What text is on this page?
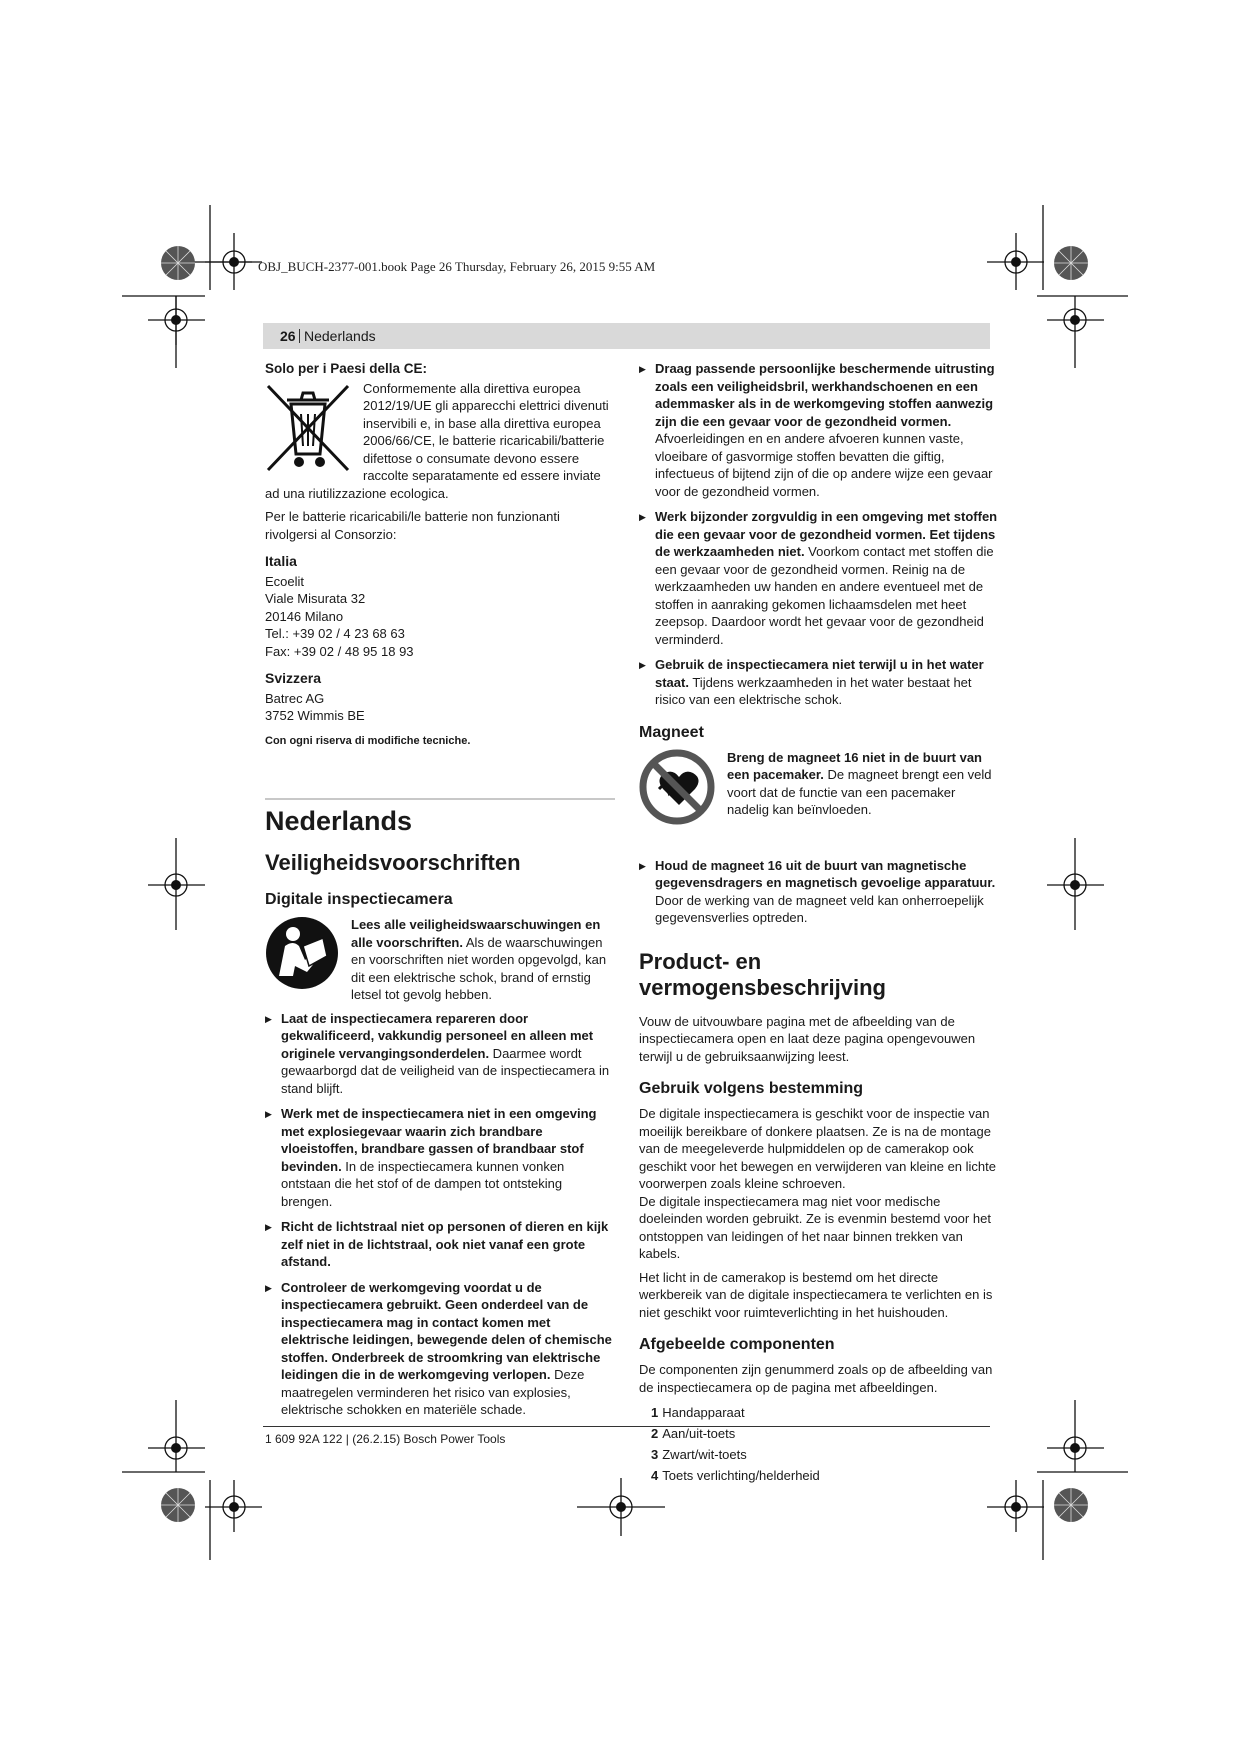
OBJ_BUCH-2377-001.book Page 26 Thursday, February 26, 2015 9:55 AM
26 Nederlands
Solo per i Paesi della CE:

Conformemente alla direttiva europea 2012/19/UE gli apparecchi elettrici divenuti inservibili e, in base alla direttiva europea 2006/66/CE, le batterie ricaricabili/batterie difettose o consumate devono essere raccolte separatamente ed essere inviate ad una riutilizzazione ecologica.

Per le batterie ricaricabili/le batterie non funzionanti rivolgersi al Consorzio:

Italia
Ecoelit
Viale Misurata 32
20146 Milano
Tel.: +39 02 / 4 23 68 63
Fax: +39 02 / 48 95 18 93
Svizzera
Batrec AG
3752 Wimmis BE
Con ogni riserva di modifiche tecniche.
Nederlands
Veiligheidsvoorschriften
Digitale inspectiecamera
Lees alle veiligheidswaarschuwingen en alle voorschriften. Als de waarschuwingen en voorschriften niet worden opgevolgd, kan dit een elektrische schok, brand of ernstig letsel tot gevolg hebben.
▶ Laat de inspectiecamera repareren door gekwalificeerd, vakkundig personeel en alleen met originele vervangingsonderdelen. Daarmee wordt gewaarborgd dat de veiligheid van de inspectiecamera in stand blijft.
▶ Werk met de inspectiecamera niet in een omgeving met explosiegevaar waarin zich brandbare vloeistoffen, brandbare gassen of brandbaar stof bevinden. In de inspectiecamera kunnen vonken ontstaan die het stof of de dampen tot ontsteking brengen.
▶ Richt de lichtstraal niet op personen of dieren en kijk zelf niet in de lichtstraal, ook niet vanaf een grote afstand.
▶ Controleer de werkomgeving voordat u de inspectiecamera gebruikt. Geen onderdeel van de inspectiecamera mag in contact komen met elektrische leidingen, bewegende delen of chemische stoffen. Onderbreek de stroomkring van elektrische leidingen die in de werkomgeving verlopen. Deze maatregelen verminderen het risico van explosies, elektrische schokken en materiële schade.
▶ Draag passende persoonlijke beschermende uitrusting zoals een veiligheidsbril, werkhandschoenen en een ademmasker als in de werkomgeving stoffen aanwezig zijn die een gevaar voor de gezondheid vormen. Afvoerleidingen en en andere afvoeren kunnen vaste, vloeibare of gasvormige stoffen bevatten die giftig, infectueus of bijtend zijn of die op andere wijze een gevaar voor de gezondheid vormen.
▶ Werk bijzonder zorgvuldig in een omgeving met stoffen die een gevaar voor de gezondheid vormen. Eet tijdens de werkzaamheden niet. Voorkom contact met stoffen die een gevaar voor de gezondheid vormen. Reinig na de werkzaamheden uw handen en andere eventueel met de stoffen in aanraking gekomen lichaamsdelen met heet zeepsop. Daardoor wordt het gevaar voor de gezondheid verminderd.
▶ Gebruik de inspectiecamera niet terwijl u in het water staat. Tijdens werkzaamheden in het water bestaat het risico van een elektrische schok.
Magneet
Breng de magneet 16 niet in de buurt van een pacemaker. De magneet brengt een veld voort dat de functie van een pacemaker nadelig kan beïnvloeden.
▶ Houd de magneet 16 uit de buurt van magnetische gegevensdragers en magnetisch gevoelige apparatuur. Door de werking van de magneet veld kan onherroepelijk gegevensverlies optreden.
Product- en vermogensbeschrijving

Vouw de uitvouwbare pagina met de afbeelding van de inspectiecamera open en laat deze pagina opengevouwen terwijl u de gebruiksaanwijzing leest.

Gebruik volgens bestemming

De digitale inspectiecamera is geschikt voor de inspectie van moeilijk bereikbare of donkere plaatsen. Ze is na de montage van de meegeleverde hulpmiddelen op de camerakop ook geschikt voor het bewegen en verwijderen van kleine en lichte voorwerpen zoals kleine schroeven.

De digitale inspectiecamera mag niet voor medische doeleinden worden gebruikt. Ze is evenmin bestemd voor het ontstoppen van leidingen of het naar binnen trekken van kabels.

Het licht in de camerakop is bestemd om het directe werkbereik van de digitale inspectiecamera te verlichten en is niet geschikt voor ruimteverlichting in het huishouden.

Afgebeelde componenten

De componenten zijn genummerd zoals op de afbeelding van de inspectiecamera op de pagina met afbeeldingen.

1 Handapparaat
2 Aan/uit-toets
3 Zwart/wit-toets
4 Toets verlichting/helderheid
1 609 92A 122 | (26.2.15) Bosch Power Tools
